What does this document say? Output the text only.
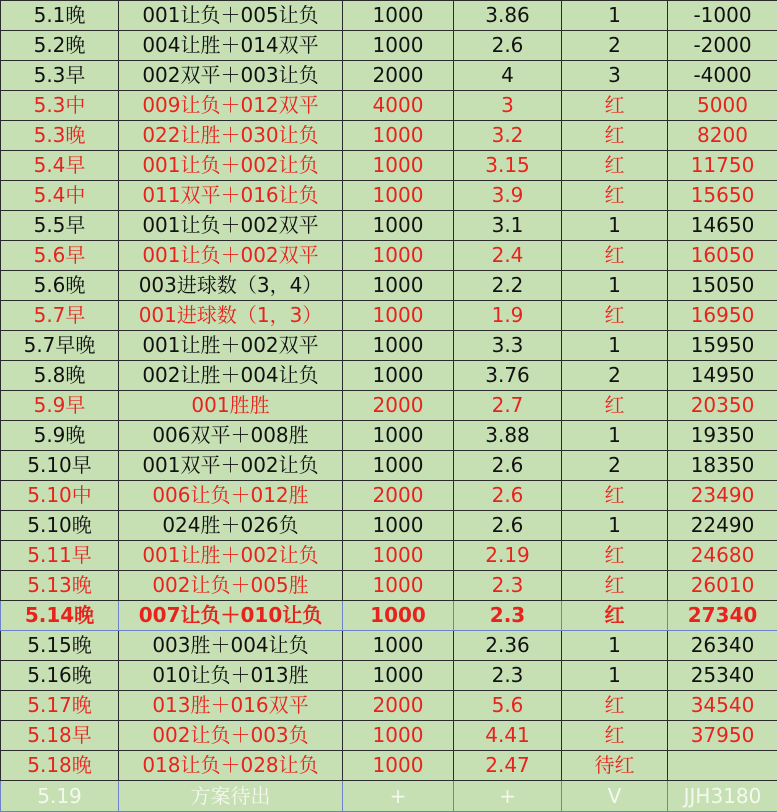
5.1晚	001让负＋005让负	1000	3.86	1	-1000
5.2晚	004让胜＋014双平	1000	2.6	2	-2000
5.3早	002双平＋003让负	2000	4	3	-4000
5.3中	009让负＋012双平	4000	3	红	5000
5.3晚	022让胜＋030让负	1000	3.2	红	8200
5.4早	001让负＋002让负	1000	3.15	红	11750
5.4中	011双平＋016让负	1000	3.9	红	15650
5.5早	001让负＋002双平	1000	3.1	1	14650
5.6早	001让负＋002双平	1000	2.4	红	16050
5.6晚	003进球数（3，4）	1000	2.2	1	15050
5.7早	001进球数（1，3）	1000	1.9	红	16950
5.7早晚	001让胜＋002双平	1000	3.3	1	15950
5.8晚	002让胜＋004让负	1000	3.76	2	14950
5.9早	001胜胜	2000	2.7	红	20350
5.9晚	006双平＋008胜	1000	3.88	1	19350
5.10早	001双平＋002让负	1000	2.6	2	18350
5.10中	006让负＋012胜	2000	2.6	红	23490
5.10晚	024胜＋026负	1000	2.6	1	22490
5.11早	001让胜＋002让负	1000	2.19	红	24680
5.13晚	002让负＋005胜	1000	2.3	红	26010
5.14晚	007让负＋010让负	1000	2.3	红	27340
5.15晚	003胜＋004让负	1000	2.36	1	26340
5.16晚	010让负＋013胜	1000	2.3	1	25340
5.17晚	013胜＋016双平	2000	5.6	红	34540
5.18早	002让负＋003负	1000	4.41	红	37950
5.18晚	018让负＋028让负	1000	2.47	待红	
5.19	方案待出	+	+	V	JJH3180
